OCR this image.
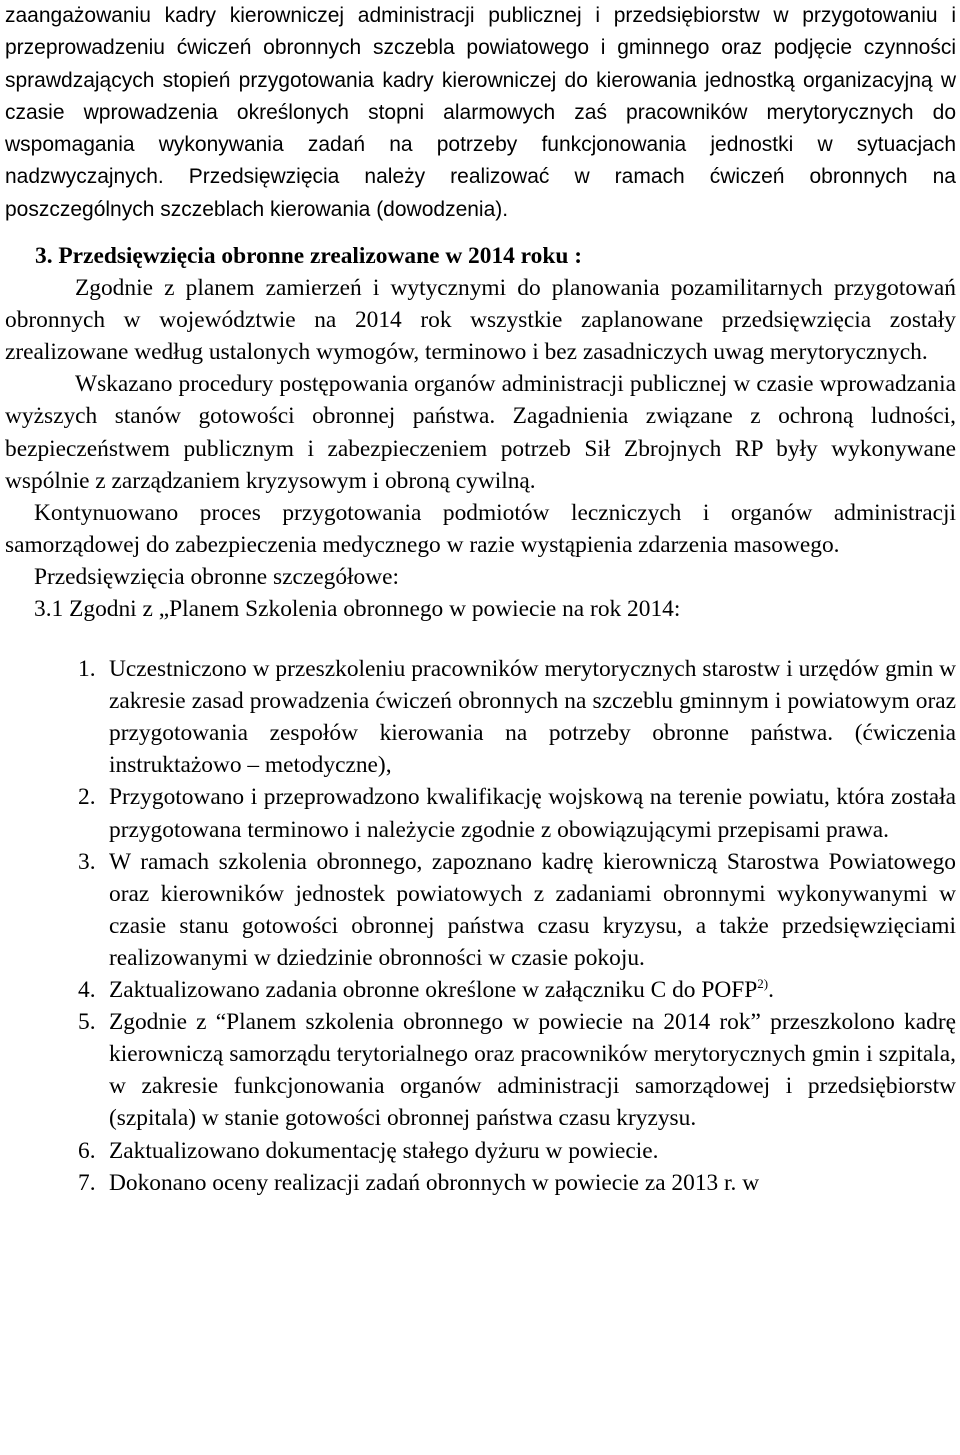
zaangażowaniu kadry kierowniczej administracji publicznej i przedsiębiorstw w przygotowaniu i przeprowadzeniu ćwiczeń obronnych szczebla powiatowego i gminnego oraz podjęcie czynności sprawdzających stopień przygotowania kadry kierowniczej do kierowania jednostką organizacyjną w czasie wprowadzenia określonych stopni alarmowych zaś pracowników merytorycznych do wspomagania wykonywania zadań na potrzeby funkcjonowania jednostki w sytuacjach nadzwyczajnych. Przedsięwzięcia należy realizować w ramach ćwiczeń obronnych na poszczególnych szczeblach kierowania (dowodzenia).

3. Przedsięwzięcia obronne zrealizowane w 2014 roku :

Zgodnie z planem zamierzeń i wytycznymi do planowania pozamilitarnych przygotowań obronnych w województwie na 2014 rok wszystkie zaplanowane przedsięwzięcia zostały zrealizowane według ustalonych wymogów, terminowo i bez zasadniczych uwag merytorycznych.

Wskazano procedury postępowania organów administracji publicznej w czasie wprowadzania wyższych stanów gotowości obronnej państwa. Zagadnienia związane z ochroną ludności, bezpieczeństwem publicznym i zabezpieczeniem potrzeb Sił Zbrojnych RP były wykonywane wspólnie z zarządzaniem kryzysowym i obroną cywilną.

Kontynuowano proces przygotowania podmiotów leczniczych i organów administracji samorządowej do zabezpieczenia medycznego w razie wystąpienia zdarzenia masowego.

Przedsięwzięcia obronne szczegółowe:

3.1 Zgodni z „Planem Szkolenia obronnego w powiecie na rok 2014:

1. Uczestniczono w przeszkoleniu pracowników merytorycznych starostw i urzędów gmin w zakresie zasad prowadzenia ćwiczeń obronnych na szczeblu gminnym i powiatowym oraz przygotowania zespołów kierowania na potrzeby obronne państwa. (ćwiczenia instruktażowo – metodyczne),
2. Przygotowano i przeprowadzono kwalifikację wojskową na terenie powiatu, która została przygotowana terminowo i należycie zgodnie z obowiązującymi przepisami prawa.
3. W ramach szkolenia obronnego, zapoznano kadrę kierowniczą Starostwa Powiatowego oraz kierowników jednostek powiatowych z zadaniami obronnymi wykonywanymi w czasie stanu gotowości obronnej państwa czasu kryzysu, a także przedsięwzięciami realizowanymi w dziedzinie obronności w czasie pokoju.
4. Zaktualizowano zadania obronne określone w załączniku C do POFP$^{2)}$.
5. Zgodnie z “Planem szkolenia obronnego w powiecie na 2014 rok” przeszkolono kadrę kierowniczą samorządu terytorialnego oraz pracowników merytorycznych gmin i szpitala, w zakresie funkcjonowania organów administracji samorządowej i przedsiębiorstw (szpitala) w stanie gotowości obronnej państwa czasu kryzysu.
6. Zaktualizowano dokumentację stałego dyżuru w powiecie.
7. Dokonano oceny realizacji zadań obronnych w powiecie za 2013 r. w
